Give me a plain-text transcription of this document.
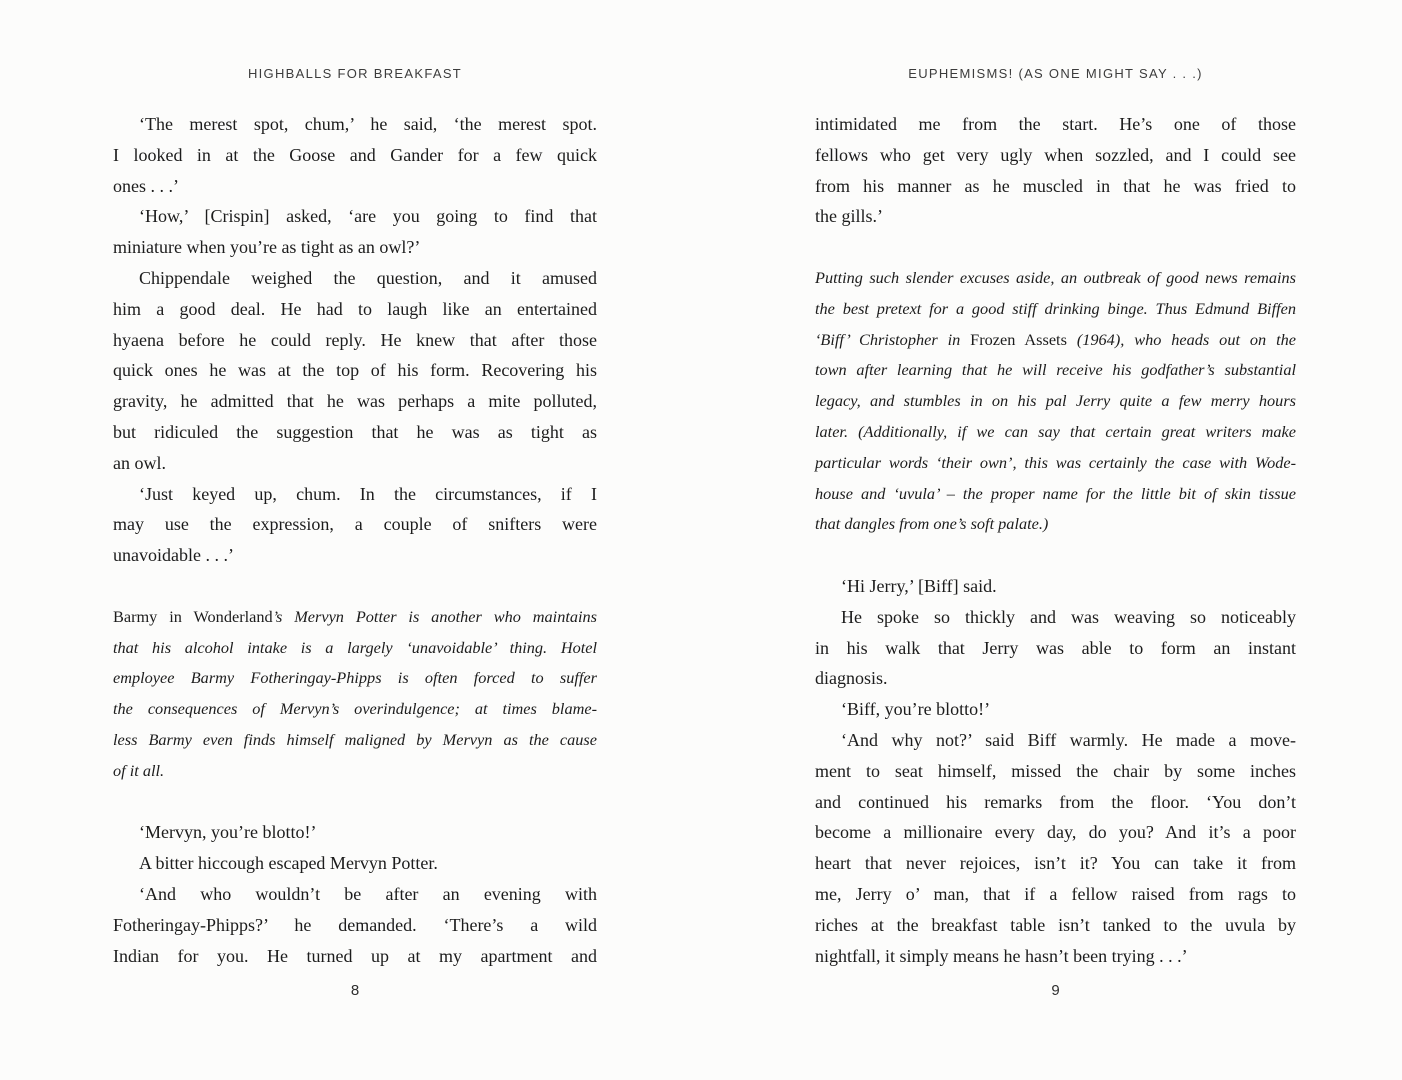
HIGHBALLS FOR BREAKFAST
‘The merest spot, chum,’ he said, ‘the merest spot.
I looked in at the Goose and Gander for a few quick
ones . . .’
‘How,’ [Crispin] asked, ‘are you going to find that
miniature when you’re as tight as an owl?’
Chippendale weighed the question, and it amused
him a good deal. He had to laugh like an entertained
hyaena before he could reply. He knew that after those
quick ones he was at the top of his form. Recovering his
gravity, he admitted that he was perhaps a mite polluted,
but ridiculed the suggestion that he was as tight as
an owl.
‘Just keyed up, chum. In the circumstances, if I
may use the expression, a couple of snifters were
unavoidable . . .’
Barmy in Wonderland’s Mervyn Potter is another who maintains
that his alcohol intake is a largely ‘unavoidable’ thing. Hotel
employee Barmy Fotheringay-Phipps is often forced to suffer
the consequences of Mervyn’s overindulgence; at times blame-
less Barmy even finds himself maligned by Mervyn as the cause
of it all.
‘Mervyn, you’re blotto!’
A bitter hiccough escaped Mervyn Potter.
‘And who wouldn’t be after an evening with
Fotheringay-Phipps?’ he demanded. ‘There’s a wild
Indian for you. He turned up at my apartment and
8
EUPHEMISMS! (AS ONE MIGHT SAY . . .)
intimidated me from the start. He’s one of those
fellows who get very ugly when sozzled, and I could see
from his manner as he muscled in that he was fried to
the gills.’
Putting such slender excuses aside, an outbreak of good news remains
the best pretext for a good stiff drinking binge. Thus Edmund Biffen
‘Biff’ Christopher in Frozen Assets (1964), who heads out on the
town after learning that he will receive his godfather’s substantial
legacy, and stumbles in on his pal Jerry quite a few merry hours
later. (Additionally, if we can say that certain great writers make
particular words ‘their own’, this was certainly the case with Wode-
house and ‘uvula’ – the proper name for the little bit of skin tissue
that dangles from one’s soft palate.)
‘Hi Jerry,’ [Biff] said.
He spoke so thickly and was weaving so noticeably
in his walk that Jerry was able to form an instant
diagnosis.
‘Biff, you’re blotto!’
‘And why not?’ said Biff warmly. He made a move-
ment to seat himself, missed the chair by some inches
and continued his remarks from the floor. ‘You don’t
become a millionaire every day, do you? And it’s a poor
heart that never rejoices, isn’t it? You can take it from
me, Jerry o’ man, that if a fellow raised from rags to
riches at the breakfast table isn’t tanked to the uvula by
nightfall, it simply means he hasn’t been trying . . .’
9
